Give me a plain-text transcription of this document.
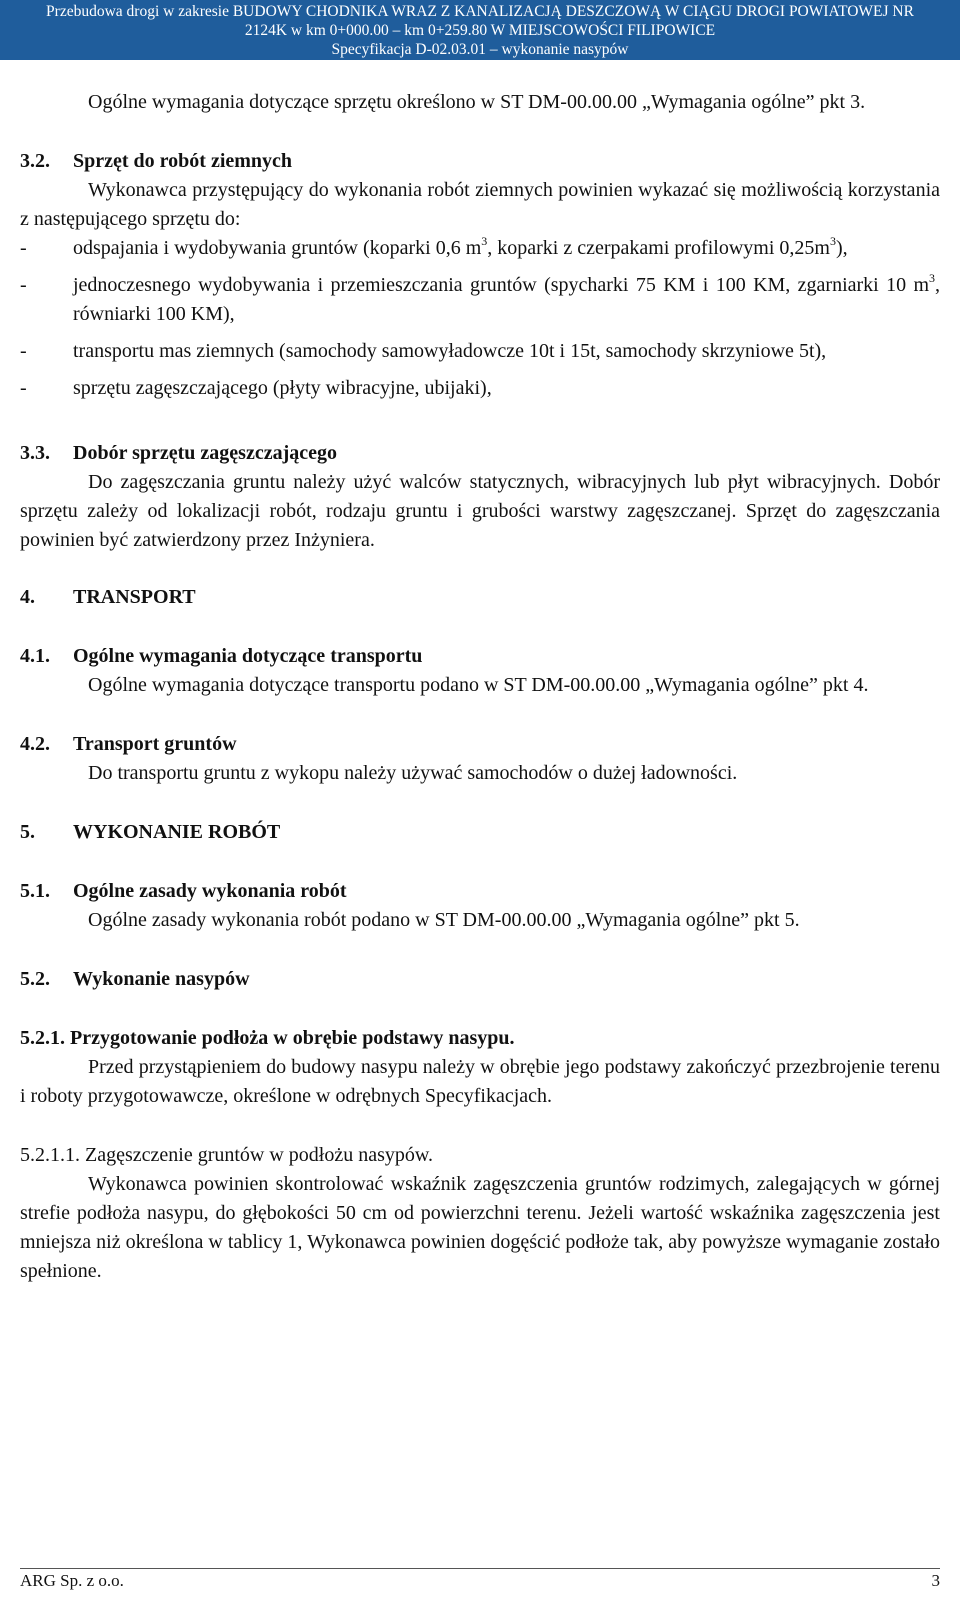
Przebudowa drogi w zakresie BUDOWY CHODNIKA WRAZ Z KANALIZACJĄ DESZCZOWĄ W CIĄGU DROGI POWIATOWEJ NR
2124K w km 0+000.00 – km 0+259.80 W MIEJSCOWOŚCI FILIPOWICE
Specyfikacja D-02.03.01 – wykonanie nasypów

Ogólne wymagania dotyczące sprzętu określono w ST DM-00.00.00 „Wymagania ogólne” pkt 3.

3.2.	Sprzęt do robót ziemnych

Wykonawca przystępujący do wykonania robót ziemnych powinien wykazać się możliwością korzystania z następującego sprzętu do:

-	odspajania i wydobywania gruntów (koparki 0,6 $m^3$, koparki z czerpakami profilowymi $0,25m^3$),
-	jednoczesnego wydobywania i przemieszczania gruntów (spycharki 75 KM i 100 KM, zgarniarki 10 $m^3$, równiarki 100 KM),
-	transportu mas ziemnych (samochody samowyładowcze 10t i 15t, samochody skrzyniowe 5t),
-	sprzętu zagęszczającego (płyty wibracyjne, ubijaki),
3.3.	Dobór sprzętu zagęszczającego

Do zagęszczania gruntu należy użyć walców statycznych, wibracyjnych lub płyt wibracyjnych. Dobór sprzętu zależy od lokalizacji robót, rodzaju gruntu i grubości warstwy zagęszczanej. Sprzęt do zagęszczania powinien być zatwierdzony przez Inżyniera.

4.	TRANSPORT
4.1.	Ogólne wymagania dotyczące transportu

Ogólne wymagania dotyczące transportu podano w ST DM-00.00.00 „Wymagania ogólne” pkt 4.

4.2.	Transport gruntów

Do transportu gruntu z wykopu należy używać samochodów o dużej ładowności.

5.	WYKONANIE ROBÓT
5.1.	Ogólne zasady wykonania robót

Ogólne zasady wykonania robót podano w ST DM-00.00.00 „Wymagania ogólne” pkt 5.

5.2.	Wykonanie nasypów
5.2.1. Przygotowanie podłoża w obrębie podstawy nasypu.

Przed przystąpieniem do budowy nasypu należy w obrębie jego podstawy zakończyć przezbrojenie terenu i roboty przygotowawcze, określone w odrębnych Specyfikacjach.

5.2.1.1. Zagęszczenie gruntów w podłożu nasypów.

Wykonawca powinien skontrolować wskaźnik zagęszczenia gruntów rodzimych, zalegających w górnej strefie podłoża nasypu, do głębokości 50 cm od powierzchni terenu. Jeżeli wartość wskaźnika zagęszczenia jest mniejsza niż określona w tablicy 1, Wykonawca powinien dogęścić podłoże tak, aby powyższe wymaganie zostało spełnione.

ARG Sp. z o.o.	3
